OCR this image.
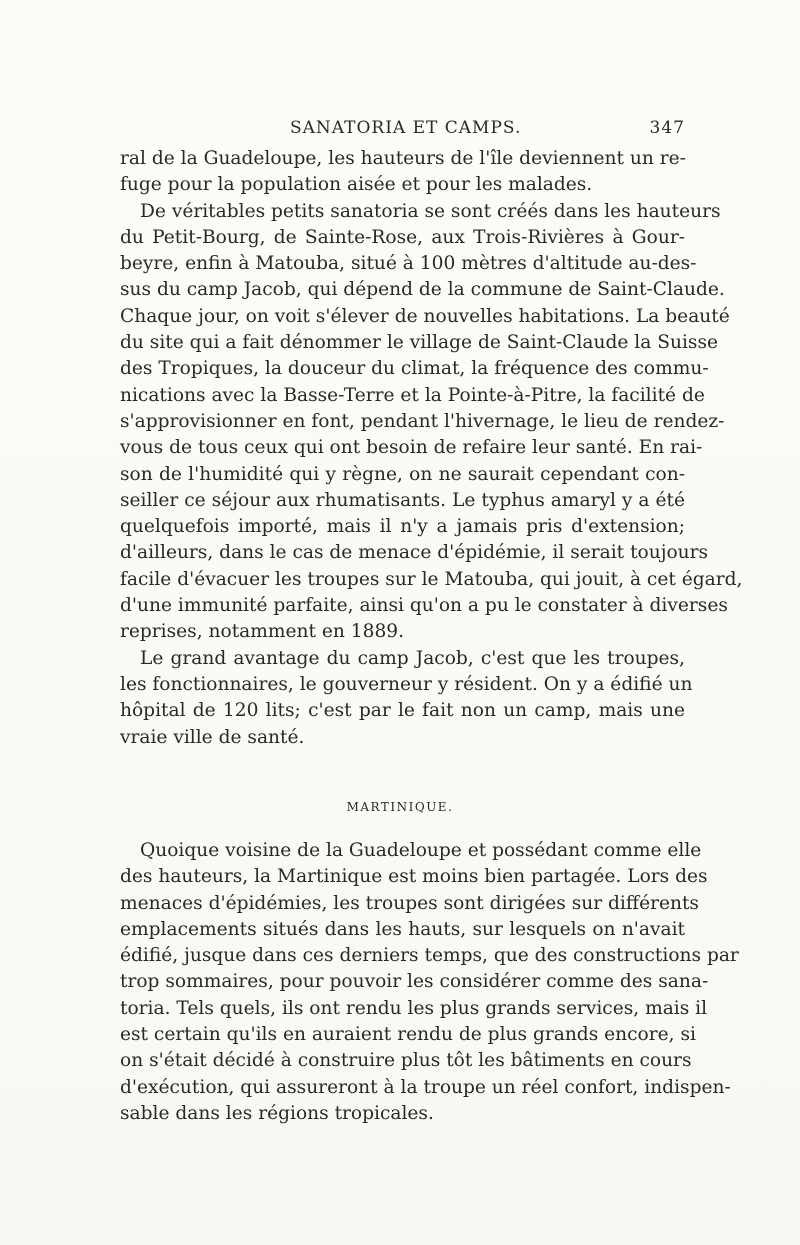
SANATORIA ET CAMPS.	347
ral de la Guadeloupe, les hauteurs de l'île deviennent un re-
fuge pour la population aisée et pour les malades.
De véritables petits sanatoria se sont créés dans les hauteurs
du Petit-Bourg, de Sainte-Rose, aux Trois-Rivières à Gour-
beyre, enfin à Matouba, situé à 100 mètres d'altitude au-des-
sus du camp Jacob, qui dépend de la commune de Saint-Claude.
Chaque jour, on voit s'élever de nouvelles habitations. La beauté
du site qui a fait dénommer le village de Saint-Claude la Suisse
des Tropiques, la douceur du climat, la fréquence des commu-
nications avec la Basse-Terre et la Pointe-à-Pitre, la facilité de
s'approvisionner en font, pendant l'hivernage, le lieu de rendez-
vous de tous ceux qui ont besoin de refaire leur santé. En rai-
son de l'humidité qui y règne, on ne saurait cependant con-
seiller ce séjour aux rhumatisants. Le typhus amaryl y a été
quelquefois importé, mais il n'y a jamais pris d'extension;
d'ailleurs, dans le cas de menace d'épidémie, il serait toujours
facile d'évacuer les troupes sur le Matouba, qui jouit, à cet égard,
d'une immunité parfaite, ainsi qu'on a pu le constater à diverses
reprises, notamment en 1889.
Le grand avantage du camp Jacob, c'est que les troupes,
les fonctionnaires, le gouverneur y résident. On y a édifié un
hôpital de 120 lits; c'est par le fait non un camp, mais une
vraie ville de santé.
MARTINIQUE.
Quoique voisine de la Guadeloupe et possédant comme elle
des hauteurs, la Martinique est moins bien partagée. Lors des
menaces d'épidémies, les troupes sont dirigées sur différents
emplacements situés dans les hauts, sur lesquels on n'avait
édifié, jusque dans ces derniers temps, que des constructions par
trop sommaires, pour pouvoir les considérer comme des sana-
toria. Tels quels, ils ont rendu les plus grands services, mais il
est certain qu'ils en auraient rendu de plus grands encore, si
on s'était décidé à construire plus tôt les bâtiments en cours
d'exécution, qui assureront à la troupe un réel confort, indispen-
sable dans les régions tropicales.
